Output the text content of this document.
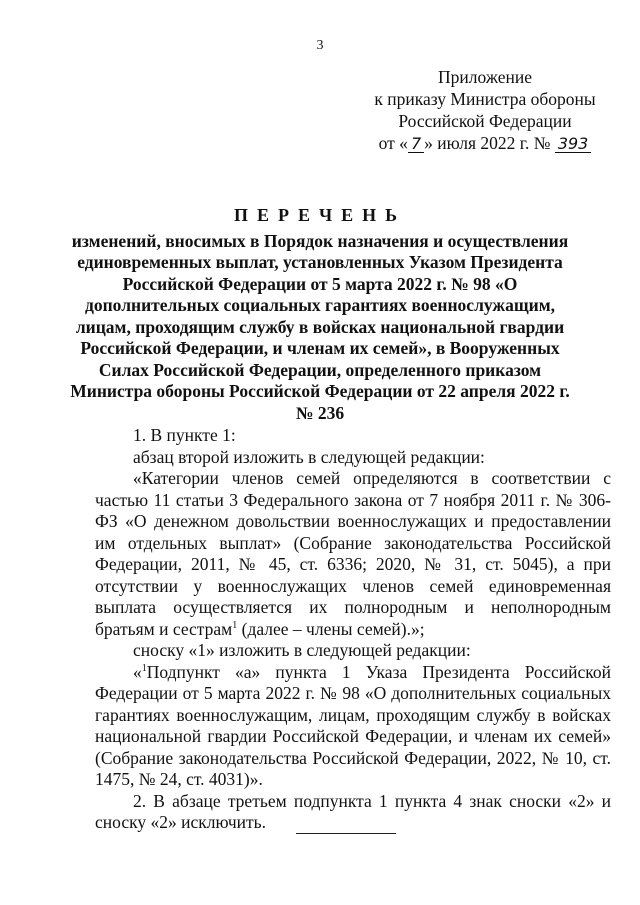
3
Приложение
к приказу Министра обороны
Российской Федерации
от « 7 » июля 2022 г. № 393
ПЕРЕЧЕНЬ
изменений, вносимых в Порядок назначения и осуществления единовременных выплат, установленных Указом Президента Российской Федерации от 5 марта 2022 г. № 98 «О дополнительных социальных гарантиях военнослужащим, лицам, проходящим службу в войсках национальной гвардии Российской Федерации, и членам их семей», в Вооруженных Силах Российской Федерации, определенного приказом Министра обороны Российской Федерации от 22 апреля 2022 г. № 236

1. В пункте 1:

абзац второй изложить в следующей редакции:

«Категории членов семей определяются в соответствии с частью 11 статьи 3 Федерального закона от 7 ноября 2011 г. № 306-ФЗ «О денежном довольствии военнослужащих и предоставлении им отдельных выплат» (Собрание законодательства Российской Федерации, 2011, № 45, ст. 6336; 2020, № 31, ст. 5045), а при отсутствии у военнослужащих членов семей единовременная выплата осуществляется их полнородным и неполнородным братьям и сестрам$^1$ (далее – члены семей).»;

сноску «1» изложить в следующей редакции:

«$^1$Подпункт «а» пункта 1 Указа Президента Российской Федерации от 5 марта 2022 г. № 98 «О дополнительных социальных гарантиях военнослужащим, лицам, проходящим службу в войсках национальной гвардии Российской Федерации, и членам их семей» (Собрание законодательства Российской Федерации, 2022, № 10, ст. 1475, № 24, ст. 4031)».

2. В абзаце третьем подпункта 1 пункта 4 знак сноски «2» и сноску «2» исключить.
